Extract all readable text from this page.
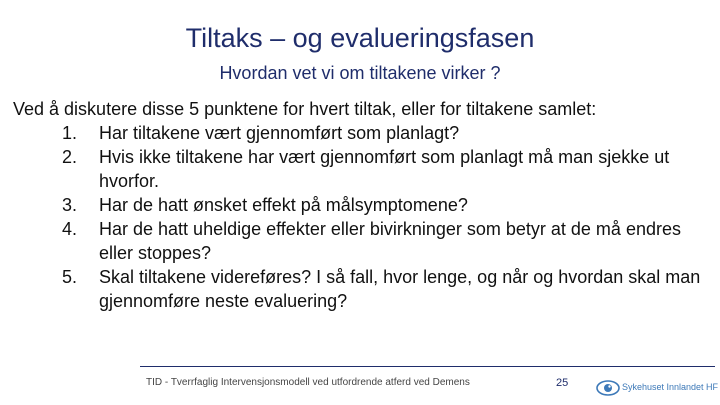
Tiltaks – og evalueringsfasen
Hvordan vet vi om tiltakene virker ?
Ved å diskutere disse 5 punktene for hvert tiltak, eller for tiltakene samlet:
1.	Har tiltakene vært gjennomført som planlagt?
2.	Hvis ikke tiltakene har vært gjennomført som planlagt må man sjekke ut hvorfor.
3.	Har de hatt ønsket effekt på målsymptomene?
4.	Har de hatt uheldige effekter eller bivirkninger som betyr at de må endres eller stoppes?
5.	Skal tiltakene videreføres? I så fall, hvor lenge, og når og hvordan skal man gjennomføre neste evaluering?
TID - Tverrfaglig Intervensjonsmodell ved utfordrende atferd ved Demens	25	Sykehuset Innlandet HF
